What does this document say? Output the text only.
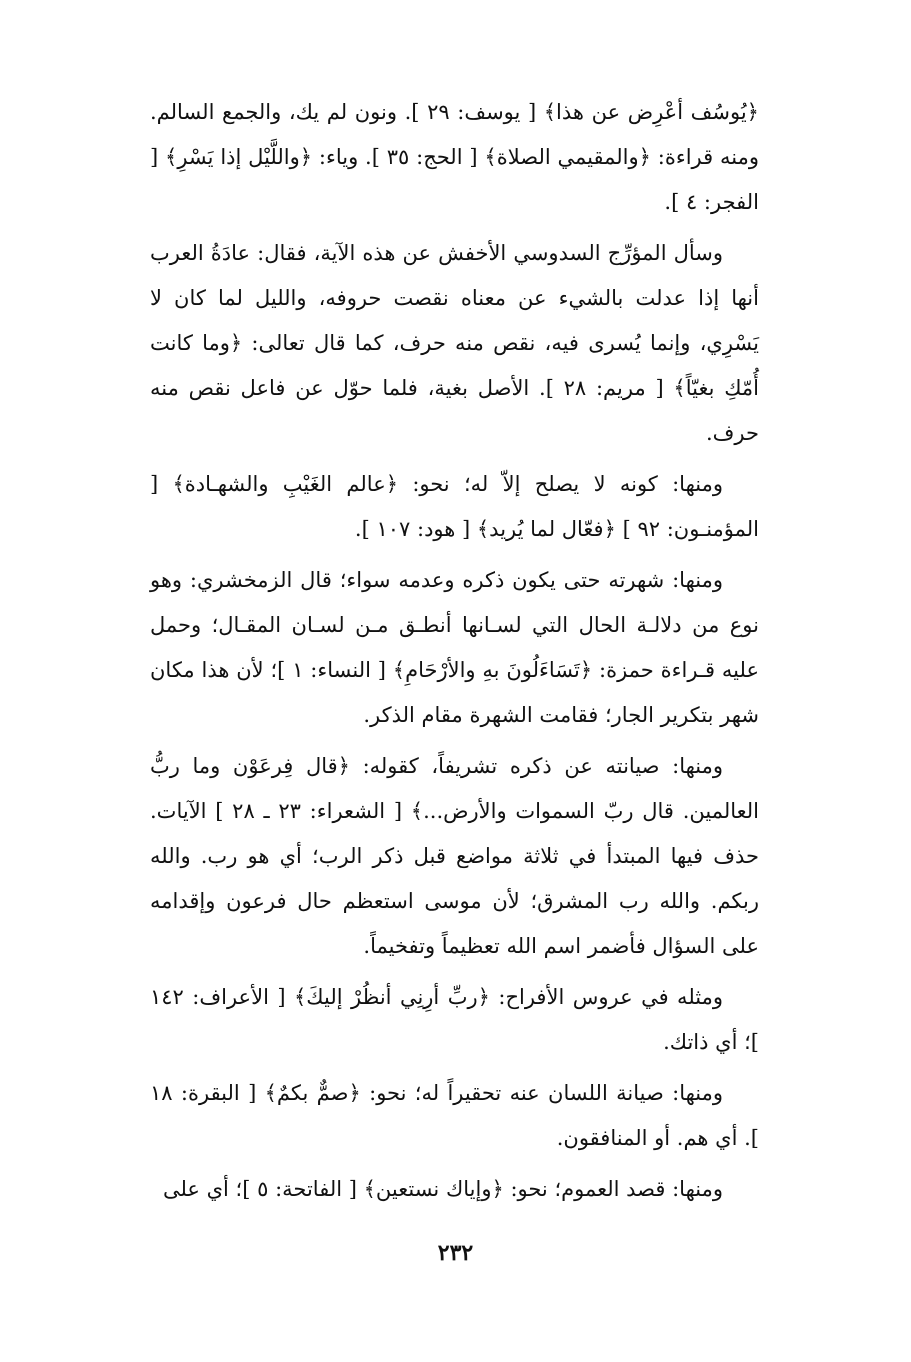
﴿يُوسُف أعْرِض عن هذا﴾ [ يوسف: ٢٩ ]. ونون لم يك، والجمع السالم. ومنه قراءة: ﴿والمقيمي الصلاة﴾ [ الحج: ٣٥ ]. وياء: ﴿واللَّيْل إذا يَسْرِ﴾ [ الفجر: ٤ ].

وسأل المؤرِّج السدوسي الأخفش عن هذه الآية، فقال: عادَةُ العرب أنها إذا عدلت بالشيء عن معناه نقصت حروفه، والليل لما كان لا يَسْرِي، وإنما يُسرى فيه، نقص منه حرف، كما قال تعالى: ﴿وما كانت أُمّكِ بغيّاً﴾ [ مريم: ٢٨ ]. الأصل بغية، فلما حوّل عن فاعل نقص منه حرف.

ومنها: كونه لا يصلح إلاّ له؛ نحو: ﴿عالم الغَيْبِ والشهـادة﴾ [ المؤمنـون: ٩٢ ] ﴿فعّال لما يُريد﴾ [ هود: ١٠٧ ].

ومنها: شهرته حتى يكون ذكره وعدمه سواء؛ قال الزمخشري: وهو نوع من دلالـة الحال التي لسـانها أنطـق مـن لسـان المقـال؛ وحمل عليه قـراءة حمزة: ﴿تَسَاءَلُونَ بهِ والأرْحَامِ﴾ [ النساء: ١ ]؛ لأن هذا مكان شهر بتكرير الجار؛ فقامت الشهرة مقام الذكر.

ومنها: صيانته عن ذكره تشريفاً، كقوله: ﴿قال فِرعَوْن وما ربُّ العالمين. قال ربّ السموات والأرض...﴾ [ الشعراء: ٢٣ ـ ٢٨ ] الآيات. حذف فيها المبتدأ في ثلاثة مواضع قبل ذكر الرب؛ أي هو رب. والله ربكم. والله رب المشرق؛ لأن موسى استعظم حال فرعون وإقدامه على السؤال فأضمر اسم الله تعظيماً وتفخيماً.

ومثله في عروس الأفراح: ﴿ربِّ أرِنِي أنظُرْ إليكَ﴾ [ الأعراف: ١٤٢ ]؛ أي ذاتك.

ومنها: صيانة اللسان عنه تحقيراً له؛ نحو: ﴿صمٌّ بكمٌ﴾ [ البقرة: ١٨ ]. أي هم. أو المنافقون.

ومنها: قصد العموم؛ نحو: ﴿وإياك نستعين﴾ [ الفاتحة: ٥ ]؛ أي على

٢٣٢
